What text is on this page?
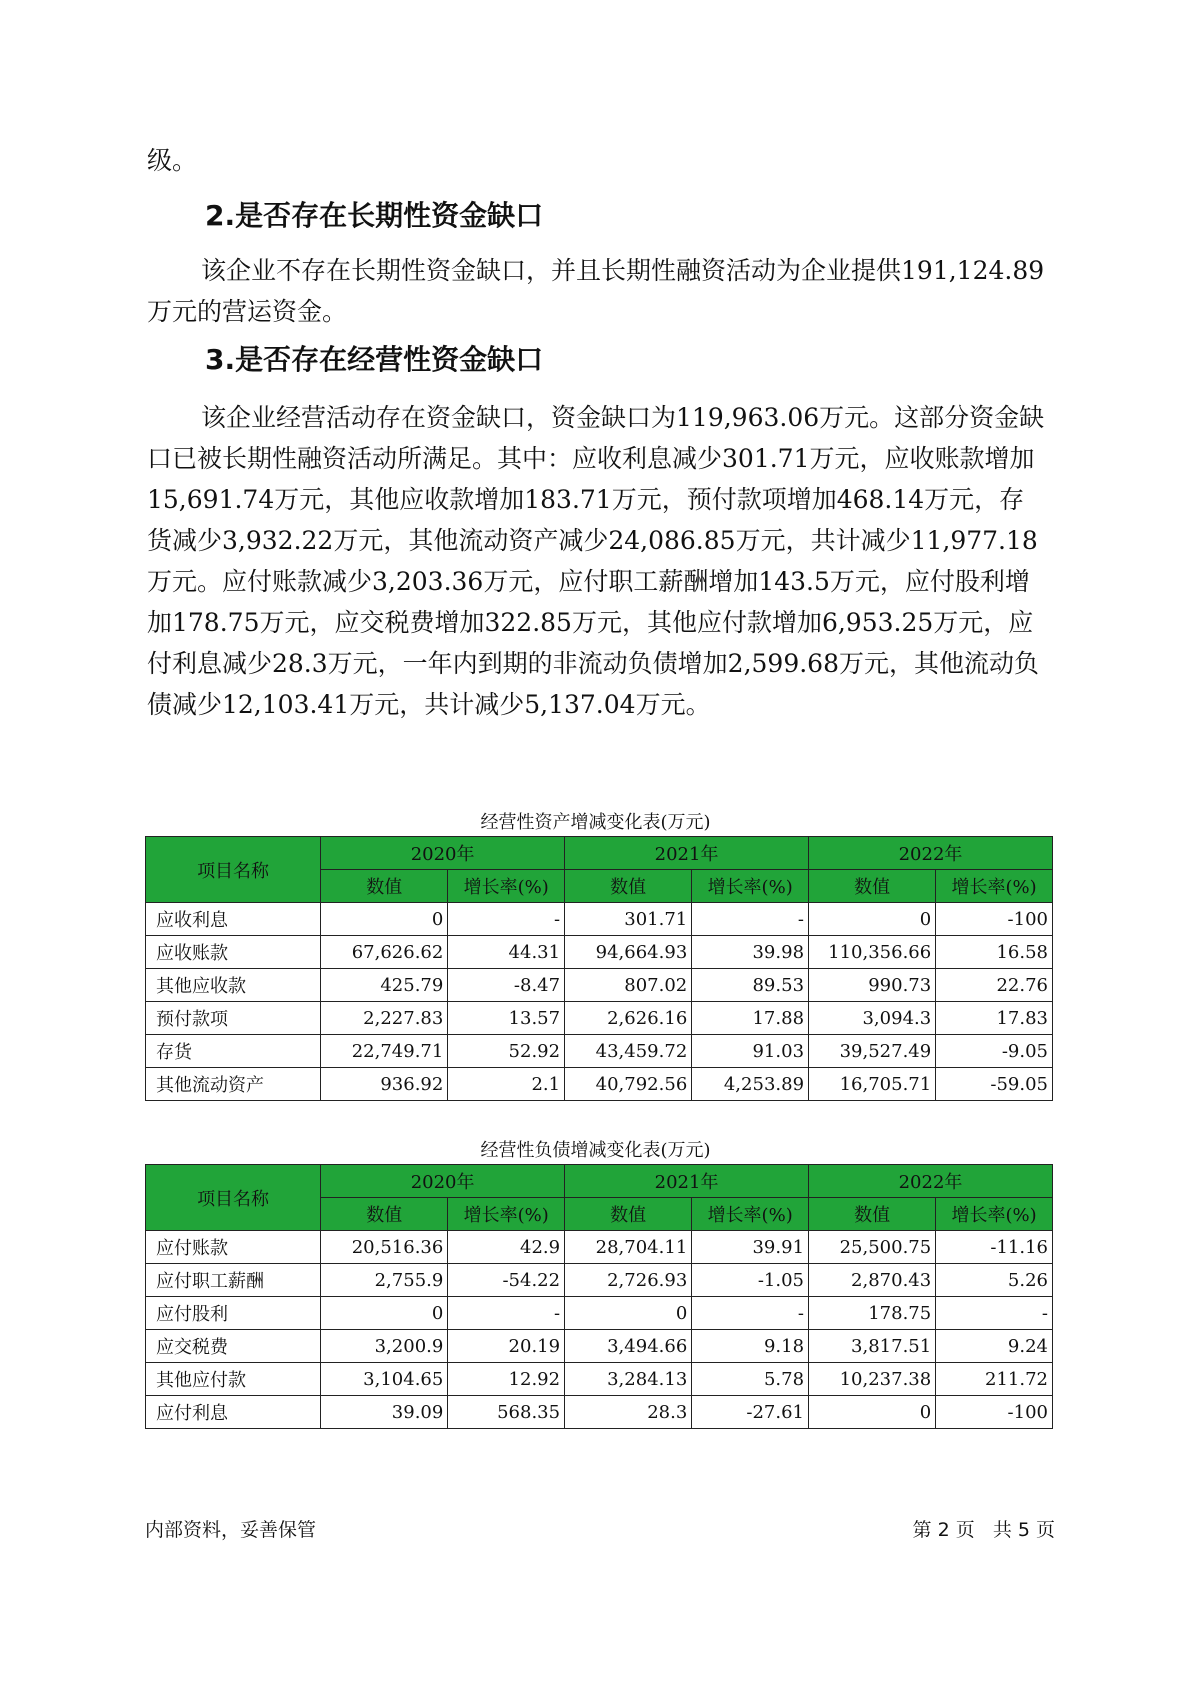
级。
2.是否存在长期性资金缺口
该企业不存在长期性资金缺口，并且长期性融资活动为企业提供191,124.89万元的营运资金。
3.是否存在经营性资金缺口
该企业经营活动存在资金缺口，资金缺口为119,963.06万元。这部分资金缺口已被长期性融资活动所满足。其中：应收利息减少301.71万元，应收账款增加15,691.74万元，其他应收款增加183.71万元，预付款项增加468.14万元，存货减少3,932.22万元，其他流动资产减少24,086.85万元，共计减少11,977.18万元。应付账款减少3,203.36万元，应付职工薪酬增加143.5万元，应付股利增加178.75万元，应交税费增加322.85万元，其他应付款增加6,953.25万元，应付利息减少28.3万元，一年内到期的非流动负债增加2,599.68万元，其他流动负债减少12,103.41万元，共计减少5,137.04万元。
经营性资产增减变化表(万元)
项目名称	2020年		2021年		2022年	
	数值	增长率(%)	数值	增长率(%)	数值	增长率(%)
应收利息	0	-	301.71	-	0	-100
应收账款	67,626.62	44.31	94,664.93	39.98	110,356.66	16.58
其他应收款	425.79	-8.47	807.02	89.53	990.73	22.76
预付款项	2,227.83	13.57	2,626.16	17.88	3,094.3	17.83
存货	22,749.71	52.92	43,459.72	91.03	39,527.49	-9.05
其他流动资产	936.92	2.1	40,792.56	4,253.89	16,705.71	-59.05
经营性负债增减变化表(万元)
项目名称	2020年		2021年		2022年	
	数值	增长率(%)	数值	增长率(%)	数值	增长率(%)
应付账款	20,516.36	42.9	28,704.11	39.91	25,500.75	-11.16
应付职工薪酬	2,755.9	-54.22	2,726.93	-1.05	2,870.43	5.26
应付股利	0	-	0	-	178.75	-
应交税费	3,200.9	20.19	3,494.66	9.18	3,817.51	9.24
其他应付款	3,104.65	12.92	3,284.13	5.78	10,237.38	211.72
应付利息	39.09	568.35	28.3	-27.61	0	-100
内部资料，妥善保管	第 2 页   共 5 页
